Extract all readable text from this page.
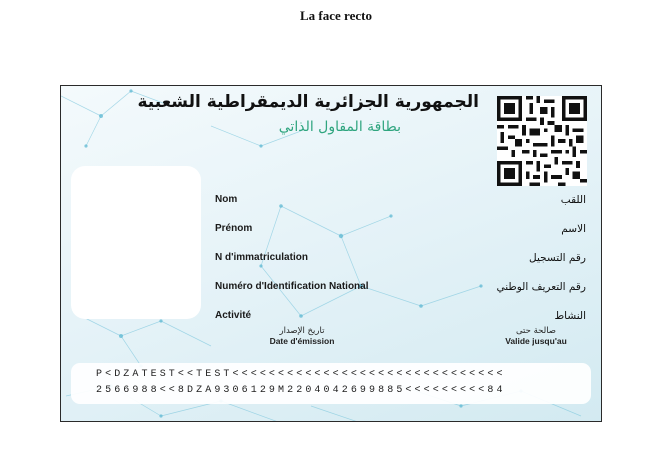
La face recto
الجمهورية الجزائرية الديمقراطية الشعبية
بطاقة المقاول الذاتي
Nom
Prénom
N d'immatriculation
Numéro d'Identification National
Activité
اللقب
الاسم
رقم التسجيل
رقم التعريف الوطني
النشاط
تاريخ الإصدار
Date d'émission
صالحة حتى
Valide jusqu'au
P<DZATEST<<TEST<<<<<<<<<<<<<<<<<<<<<<<<<<<<<<
2566988<<8DZA9306129M2204042699885<<<<<<<<<84
